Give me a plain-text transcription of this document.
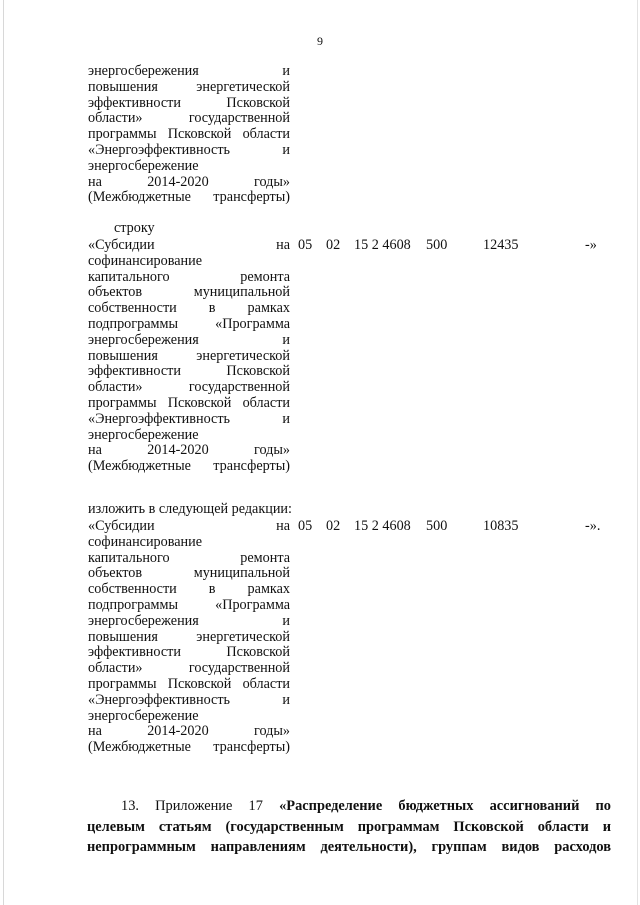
9
энергосбережения и
повышения энергетической
эффективности Псковской
области» государственной
программы Псковской области
«Энергоэффективность и
энергосбережение
на 2014-2020 годы»
(Межбюджетные трансферты)
строку
«Субсидии на
софинансирование
капитального ремонта
объектов муниципальной
собственности в рамках
подпрограммы «Программа
энергосбережения и
повышения энергетической
эффективности Псковской
области» государственной
программы Псковской области
«Энергоэффективность и
энергосбережение
на 2014-2020 годы»
(Межбюджетные трансферты)
05 02 15 2 4608 500	12435	-»
изложить в следующей редакции:
«Субсидии на
софинансирование
капитального ремонта
объектов муниципальной
собственности в рамках
подпрограммы «Программа
энергосбережения и
повышения энергетической
эффективности Псковской
области» государственной
программы Псковской области
«Энергоэффективность и
энергосбережение
на 2014-2020 годы»
(Межбюджетные трансферты)
05 02 15 2 4608 500	10835	-».
13. Приложение 17 «Распределение бюджетных ассигнований по
целевым статьям (государственным программам Псковской области и
непрограммным направлениям деятельности), группам видов расходов
